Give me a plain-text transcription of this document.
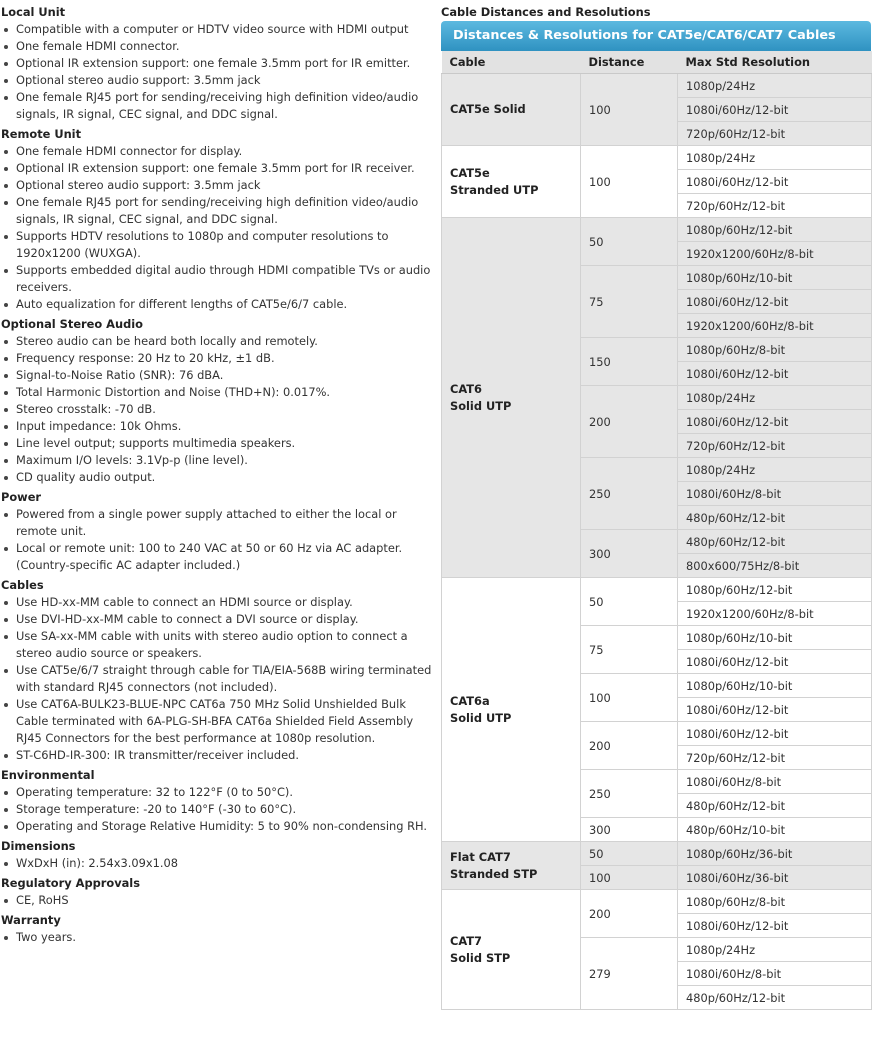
Local Unit
Compatible with a computer or HDTV video source with HDMI output
One female HDMI connector.
Optional IR extension support: one female 3.5mm port for IR emitter.
Optional stereo audio support: 3.5mm jack
One female RJ45 port for sending/receiving high definition video/audio signals, IR signal, CEC signal, and DDC signal.
Remote Unit
One female HDMI connector for display.
Optional IR extension support: one female 3.5mm port for IR receiver.
Optional stereo audio support: 3.5mm jack
One female RJ45 port for sending/receiving high definition video/audio signals, IR signal, CEC signal, and DDC signal.
Supports HDTV resolutions to 1080p and computer resolutions to 1920x1200 (WUXGA).
Supports embedded digital audio through HDMI compatible TVs or audio receivers.
Auto equalization for different lengths of CAT5e/6/7 cable.
Optional Stereo Audio
Stereo audio can be heard both locally and remotely.
Frequency response: 20 Hz to 20 kHz, ±1 dB.
Signal-to-Noise Ratio (SNR): 76 dBA.
Total Harmonic Distortion and Noise (THD+N): 0.017%.
Stereo crosstalk: -70 dB.
Input impedance: 10k Ohms.
Line level output; supports multimedia speakers.
Maximum I/O levels: 3.1Vp-p (line level).
CD quality audio output.
Power
Powered from a single power supply attached to either the local or remote unit.
Local or remote unit: 100 to 240 VAC at 50 or 60 Hz via AC adapter. (Country-specific AC adapter included.)
Cables
Use HD-xx-MM cable to connect an HDMI source or display.
Use DVI-HD-xx-MM cable to connect a DVI source or display.
Use SA-xx-MM cable with units with stereo audio option to connect a stereo audio source or speakers.
Use CAT5e/6/7 straight through cable for TIA/EIA-568B wiring terminated with standard RJ45 connectors (not included).
Use CAT6A-BULK23-BLUE-NPC CAT6a 750 MHz Solid Unshielded Bulk Cable terminated with 6A-PLG-SH-BFA CAT6a Shielded Field Assembly RJ45 Connectors for the best performance at 1080p resolution.
ST-C6HD-IR-300: IR transmitter/receiver included.
Environmental
Operating temperature: 32 to 122°F (0 to 50°C).
Storage temperature: -20 to 140°F (-30 to 60°C).
Operating and Storage Relative Humidity: 5 to 90% non-condensing RH.
Dimensions
WxDxH (in): 2.54x3.09x1.08
Regulatory Approvals
CE, RoHS
Warranty
Two years.
Cable Distances and Resolutions
Distances & Resolutions for CAT5e/CAT6/CAT7 Cables
Cable	Distance	Max Std Resolution
CAT5e Solid	100	1080p/24Hz
		1080i/60Hz/12-bit
		720p/60Hz/12-bit
CAT5e
Stranded UTP	100	1080p/24Hz
		1080i/60Hz/12-bit
		720p/60Hz/12-bit
CAT6
Solid UTP	50	1080p/60Hz/12-bit
		1920x1200/60Hz/8-bit
	75	1080p/60Hz/10-bit
		1080i/60Hz/12-bit
		1920x1200/60Hz/8-bit
	150	1080p/60Hz/8-bit
		1080i/60Hz/12-bit
	200	1080p/24Hz
		1080i/60Hz/12-bit
		720p/60Hz/12-bit
	250	1080p/24Hz
		1080i/60Hz/8-bit
		480p/60Hz/12-bit
	300	480p/60Hz/12-bit
		800x600/75Hz/8-bit
CAT6a
Solid UTP	50	1080p/60Hz/12-bit
		1920x1200/60Hz/8-bit
	75	1080p/60Hz/10-bit
		1080i/60Hz/12-bit
	100	1080p/60Hz/10-bit
		1080i/60Hz/12-bit
	200	1080i/60Hz/12-bit
		720p/60Hz/12-bit
	250	1080i/60Hz/8-bit
		480p/60Hz/12-bit
	300	480p/60Hz/10-bit
Flat CAT7
Stranded STP	50	1080p/60Hz/36-bit
	100	1080i/60Hz/36-bit
CAT7
Solid STP	200	1080p/60Hz/8-bit
		1080i/60Hz/12-bit
	279	1080p/24Hz
		1080i/60Hz/8-bit
		480p/60Hz/12-bit
